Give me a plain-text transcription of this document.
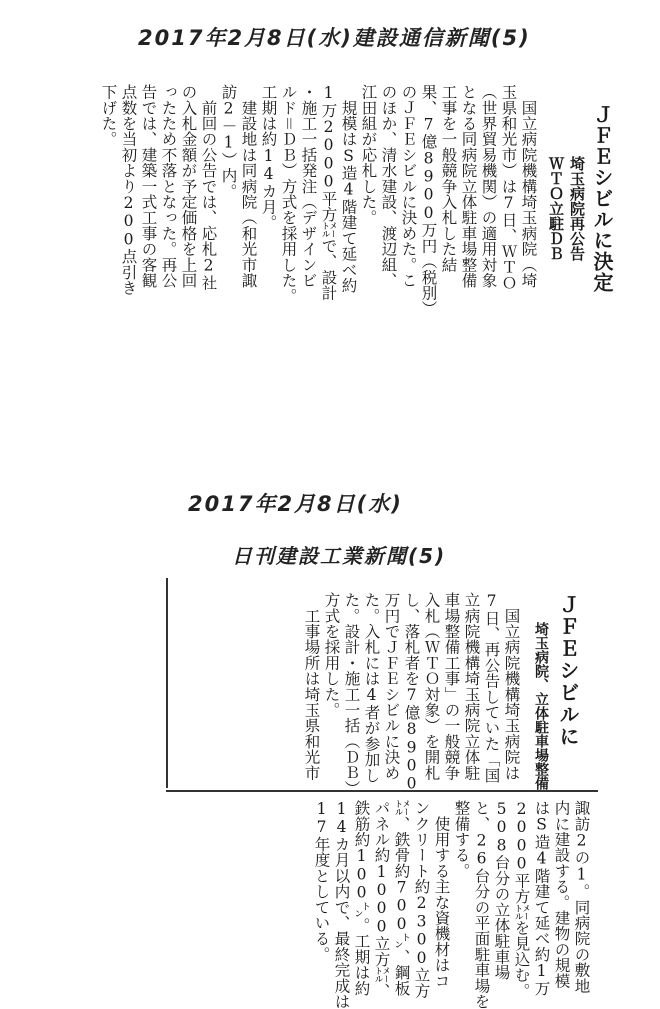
2017年2月8日(水)建設通信新聞(5)
ＪＦＥシビルに決定
埼玉病院再公告
ＷＴＯ立駐ＤＢ
　国立病院機構埼玉病院（埼
玉県和光市）は7日、ＷＴＯ
（世界貿易機関）の適用対象
となる同病院立体駐車場整備
工事を一般競争入札した結
果、7億8900万円（税別）
のＪＦＥシビルに決めた。こ
のほか、清水建設、渡辺組、
江田組が応札した。
　規模はS造4階建て延べ約
1万2000平方㍍で、設計
・施工一括発注（デザインビ
ルド＝ＤＢ）方式を採用した。
工期は約14カ月。
　建設地は同病院（和光市諏
訪2－1）内。
　前回の公告では、応札2社
の入札金額が予定価格を上回
ったため不落となった。再公
告では、建築一式工事の客観
点数を当初より200点引き
下げた。
2017年2月8日(水)
日刊建設工業新聞(5)
ＪＦＥシビルに
埼玉病院、立体駐車場整備
　国立病院機構埼玉病院は
7日、再公告していた「国
立病院機構埼玉病院立体駐
車場整備工事」の一般競争
入札（ＷＴＯ対象）を開札
し、落札者を7億8900
万円でＪＦＥシビルに決め
た。入札には4者が参加し
た。設計・施工一括（ＤＢ）
方式を採用した。
　工事場所は埼玉県和光市
諏訪2の1。同病院の敷地
内に建設する。建物の規模
はS造4階建て延べ約1万
2000平方㍍を見込む。
508台分の立体駐車場
と、26台分の平面駐車場を
整備する。
　使用する主な資機材はコ
ンクリート約2300立方
㍍、鉄骨約700㌧、鋼板
パネル約1000立方㍍、
鉄筋約100㌧。工期は約
14カ月以内で、最終完成は
17年度としている。
